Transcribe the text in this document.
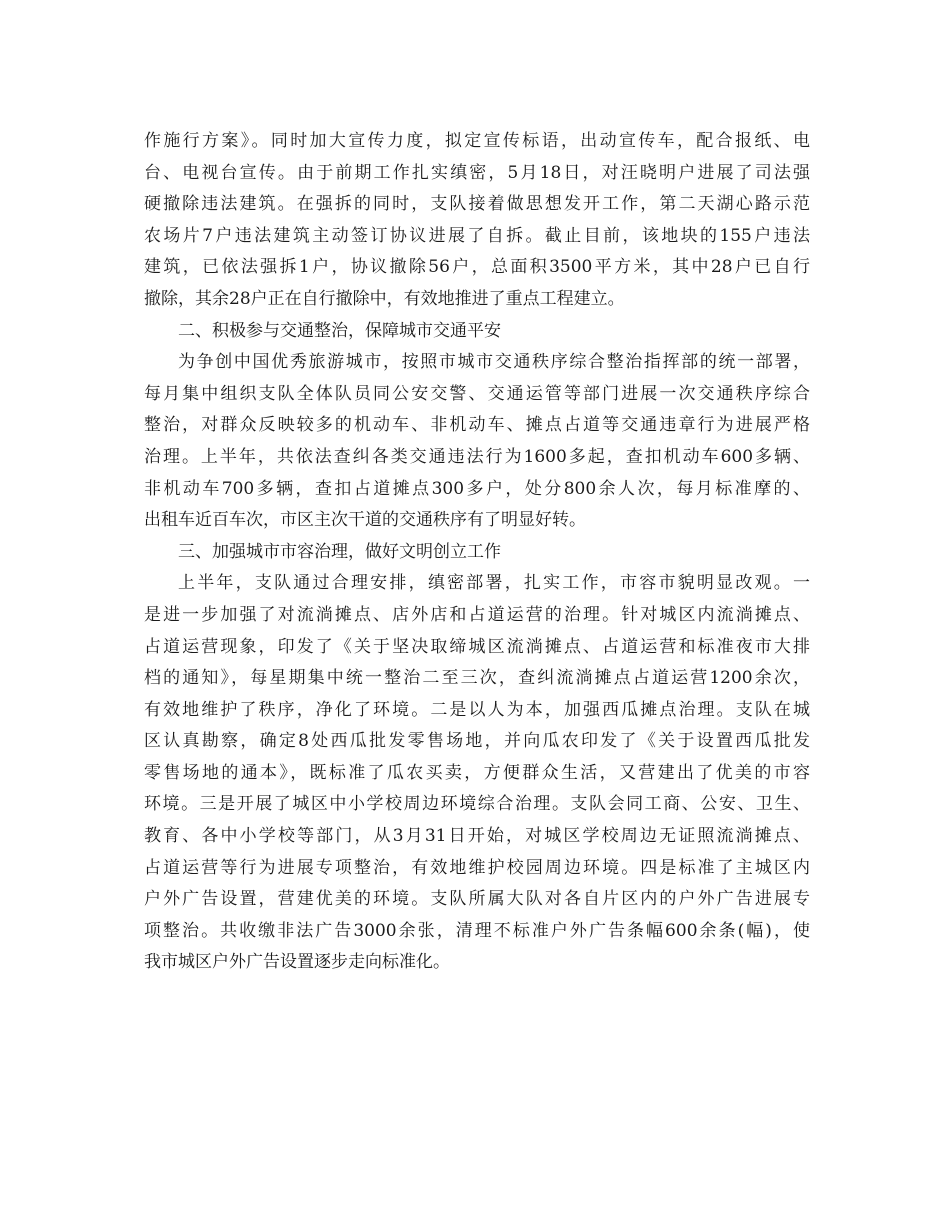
作施行方案》。同时加大宣传力度，拟定宣传标语，出动宣传车，配合报纸、电
台、电视台宣传。由于前期工作扎实缜密，5月18日，对汪晓明户进展了司法强
硬撤除违法建筑。在强拆的同时，支队接着做思想发开工作，第二天湖心路示范
农场片7户违法建筑主动签订协议进展了自拆。截止目前，该地块的155户违法
建筑，已依法强拆1户，协议撤除56户，总面积3500平方米，其中28户已自行
撤除，其余28户正在自行撤除中，有效地推进了重点工程建立。
二、积极参与交通整治，保障城市交通平安
为争创中国优秀旅游城市，按照市城市交通秩序综合整治指挥部的统一部署，
每月集中组织支队全体队员同公安交警、交通运管等部门进展一次交通秩序综合
整治，对群众反映较多的机动车、非机动车、摊点占道等交通违章行为进展严格
治理。上半年，共依法查纠各类交通违法行为1600多起，查扣机动车600多辆、
非机动车700多辆，查扣占道摊点300多户，处分800余人次，每月标准摩的、
出租车近百车次，市区主次干道的交通秩序有了明显好转。
三、加强城市市容治理，做好文明创立工作
上半年，支队通过合理安排，缜密部署，扎实工作，市容市貌明显改观。一
是进一步加强了对流淌摊点、店外店和占道运营的治理。针对城区内流淌摊点、
占道运营现象，印发了《关于坚决取缔城区流淌摊点、占道运营和标准夜市大排
档的通知》，每星期集中统一整治二至三次，查纠流淌摊点占道运营1200余次，
有效地维护了秩序，净化了环境。二是以人为本，加强西瓜摊点治理。支队在城
区认真勘察，确定8处西瓜批发零售场地，并向瓜农印发了《关于设置西瓜批发
零售场地的通本》，既标准了瓜农买卖，方便群众生活，又营建出了优美的市容
环境。三是开展了城区中小学校周边环境综合治理。支队会同工商、公安、卫生、
教育、各中小学校等部门，从3月31日开始，对城区学校周边无证照流淌摊点、
占道运营等行为进展专项整治，有效地维护校园周边环境。四是标准了主城区内
户外广告设置，营建优美的环境。支队所属大队对各自片区内的户外广告进展专
项整治。共收缴非法广告3000余张，清理不标准户外广告条幅600余条(幅)，使
我市城区户外广告设置逐步走向标准化。
